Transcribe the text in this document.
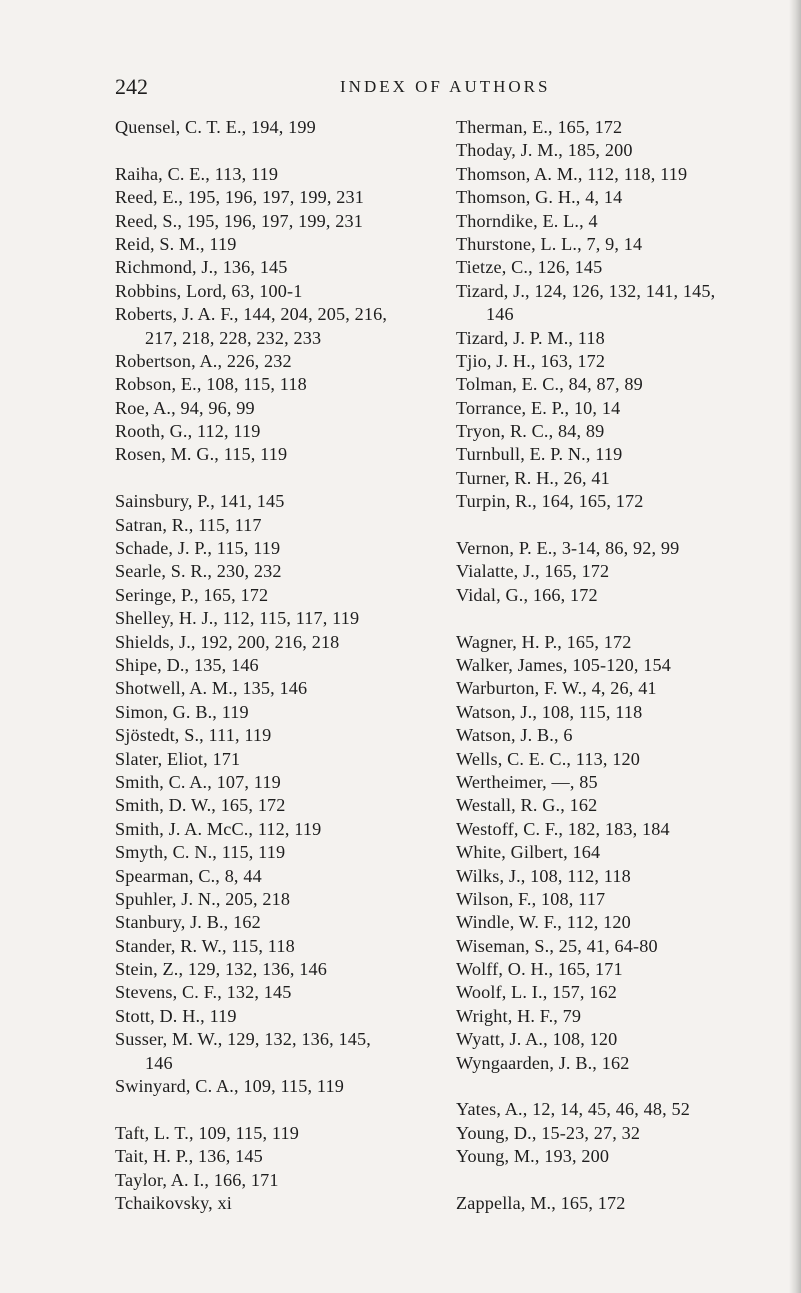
242	INDEX OF AUTHORS
Quensel, C. T. E., 194, 199
Raiha, C. E., 113, 119
Reed, E., 195, 196, 197, 199, 231
Reed, S., 195, 196, 197, 199, 231
Reid, S. M., 119
Richmond, J., 136, 145
Robbins, Lord, 63, 100-1
Roberts, J. A. F., 144, 204, 205, 216,
217, 218, 228, 232, 233
Robertson, A., 226, 232
Robson, E., 108, 115, 118
Roe, A., 94, 96, 99
Rooth, G., 112, 119
Rosen, M. G., 115, 119
Sainsbury, P., 141, 145
Satran, R., 115, 117
Schade, J. P., 115, 119
Searle, S. R., 230, 232
Seringe, P., 165, 172
Shelley, H. J., 112, 115, 117, 119
Shields, J., 192, 200, 216, 218
Shipe, D., 135, 146
Shotwell, A. M., 135, 146
Simon, G. B., 119
Sjöstedt, S., 111, 119
Slater, Eliot, 171
Smith, C. A., 107, 119
Smith, D. W., 165, 172
Smith, J. A. McC., 112, 119
Smyth, C. N., 115, 119
Spearman, C., 8, 44
Spuhler, J. N., 205, 218
Stanbury, J. B., 162
Stander, R. W., 115, 118
Stein, Z., 129, 132, 136, 146
Stevens, C. F., 132, 145
Stott, D. H., 119
Susser, M. W., 129, 132, 136, 145,
146
Swinyard, C. A., 109, 115, 119
Taft, L. T., 109, 115, 119
Tait, H. P., 136, 145
Taylor, A. I., 166, 171
Tchaikovsky, xi
Therman, E., 165, 172
Thoday, J. M., 185, 200
Thomson, A. M., 112, 118, 119
Thomson, G. H., 4, 14
Thorndike, E. L., 4
Thurstone, L. L., 7, 9, 14
Tietze, C., 126, 145
Tizard, J., 124, 126, 132, 141, 145,
146
Tizard, J. P. M., 118
Tjio, J. H., 163, 172
Tolman, E. C., 84, 87, 89
Torrance, E. P., 10, 14
Tryon, R. C., 84, 89
Turnbull, E. P. N., 119
Turner, R. H., 26, 41
Turpin, R., 164, 165, 172
Vernon, P. E., 3-14, 86, 92, 99
Vialatte, J., 165, 172
Vidal, G., 166, 172
Wagner, H. P., 165, 172
Walker, James, 105-120, 154
Warburton, F. W., 4, 26, 41
Watson, J., 108, 115, 118
Watson, J. B., 6
Wells, C. E. C., 113, 120
Wertheimer, —, 85
Westall, R. G., 162
Westoff, C. F., 182, 183, 184
White, Gilbert, 164
Wilks, J., 108, 112, 118
Wilson, F., 108, 117
Windle, W. F., 112, 120
Wiseman, S., 25, 41, 64-80
Wolff, O. H., 165, 171
Woolf, L. I., 157, 162
Wright, H. F., 79
Wyatt, J. A., 108, 120
Wyngaarden, J. B., 162
Yates, A., 12, 14, 45, 46, 48, 52
Young, D., 15-23, 27, 32
Young, M., 193, 200
Zappella, M., 165, 172
